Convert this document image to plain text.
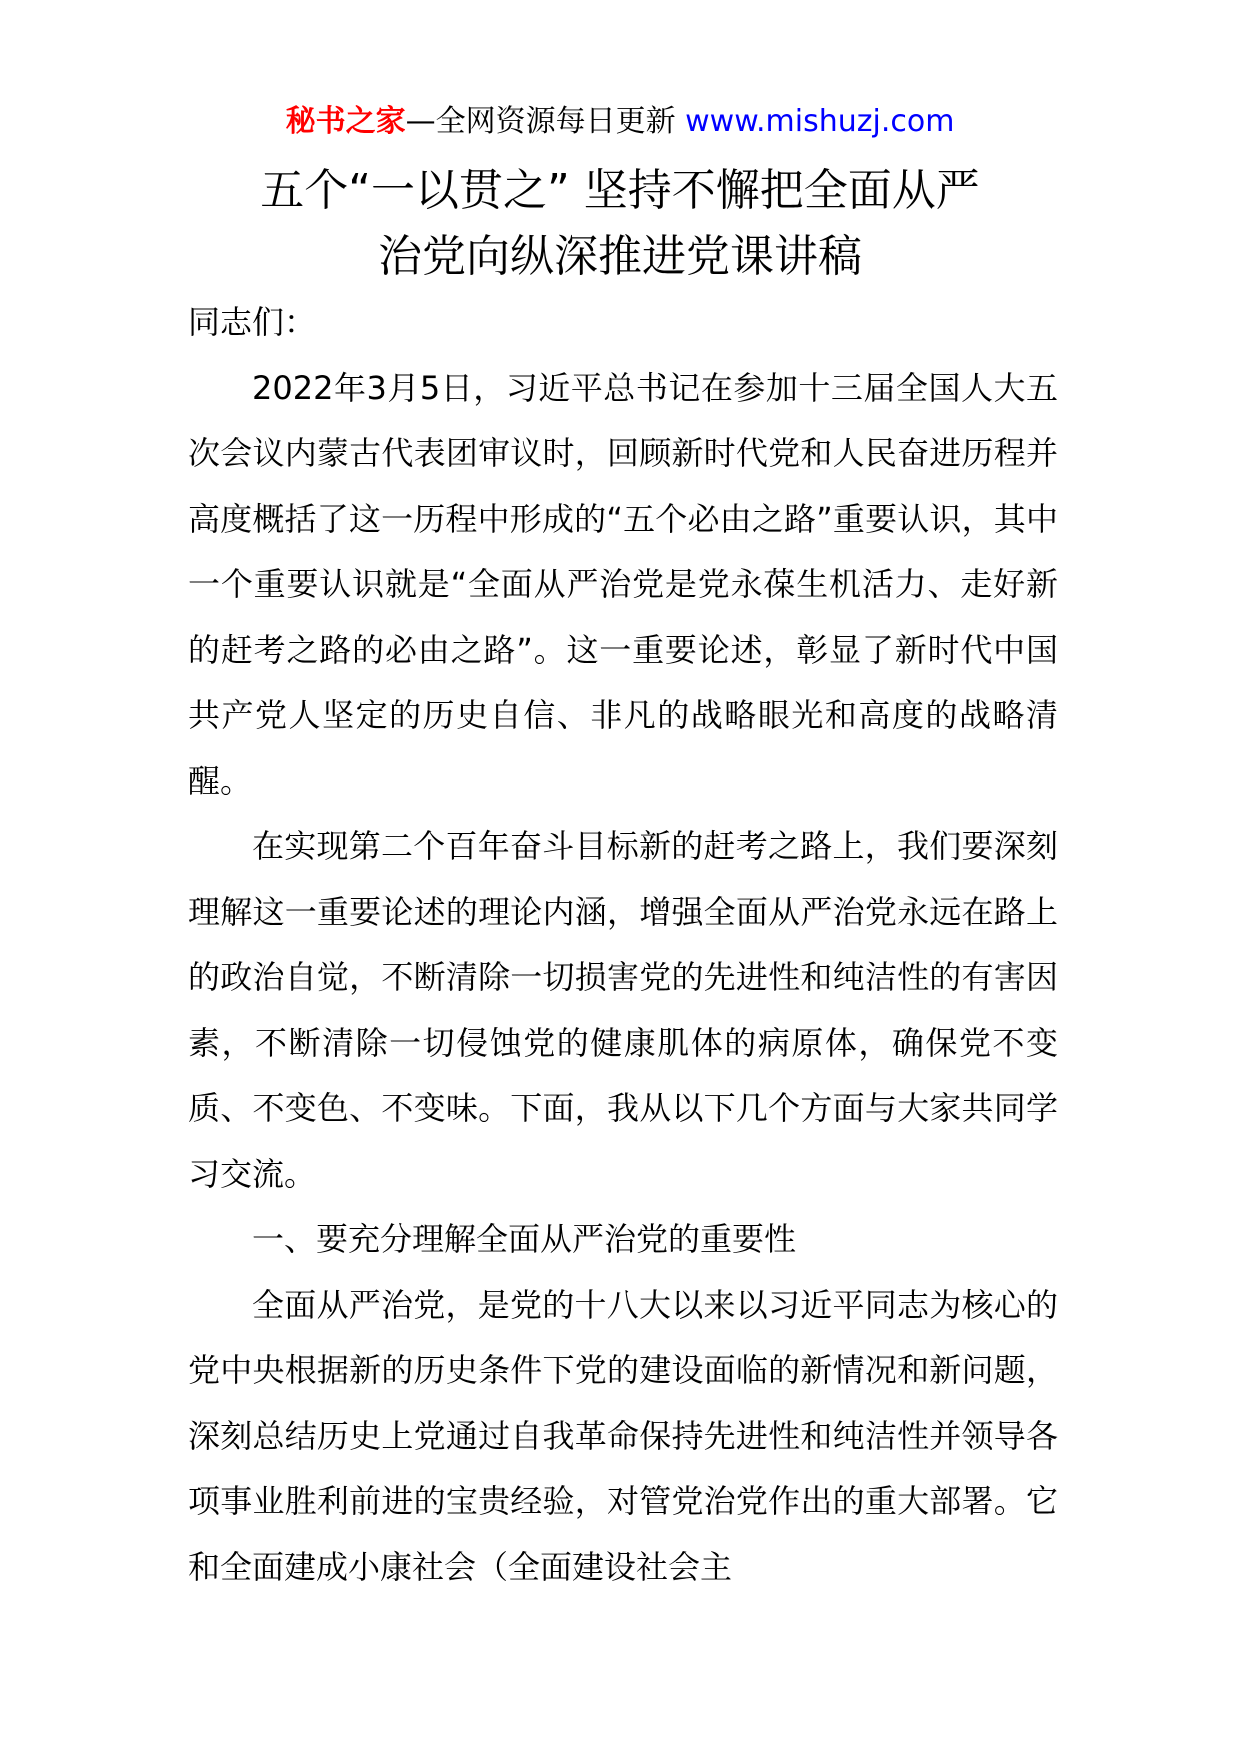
秘书之家—全网资源每日更新 www.mishuzj.com
五个“一以贯之” 坚持不懈把全面从严
治党向纵深推进党课讲稿

同志们：

2022年3月5日，习近平总书记在参加十三届全国人大五次会议内蒙古代表团审议时，回顾新时代党和人民奋进历程并高度概括了这一历程中形成的“五个必由之路”重要认识，其中一个重要认识就是“全面从严治党是党永葆生机活力、走好新的赶考之路的必由之路”。这一重要论述，彰显了新时代中国共产党人坚定的历史自信、非凡的战略眼光和高度的战略清醒。

在实现第二个百年奋斗目标新的赶考之路上，我们要深刻理解这一重要论述的理论内涵，增强全面从严治党永远在路上的政治自觉，不断清除一切损害党的先进性和纯洁性的有害因素，不断清除一切侵蚀党的健康肌体的病原体，确保党不变质、不变色、不变味。下面，我从以下几个方面与大家共同学习交流。

一、要充分理解全面从严治党的重要性

全面从严治党，是党的十八大以来以习近平同志为核心的党中央根据新的历史条件下党的建设面临的新情况和新问题，深刻总结历史上党通过自我革命保持先进性和纯洁性并领导各项事业胜利前进的宝贵经验，对管党治党作出的重大部署。它和全面建成小康社会（全面建设社会主
